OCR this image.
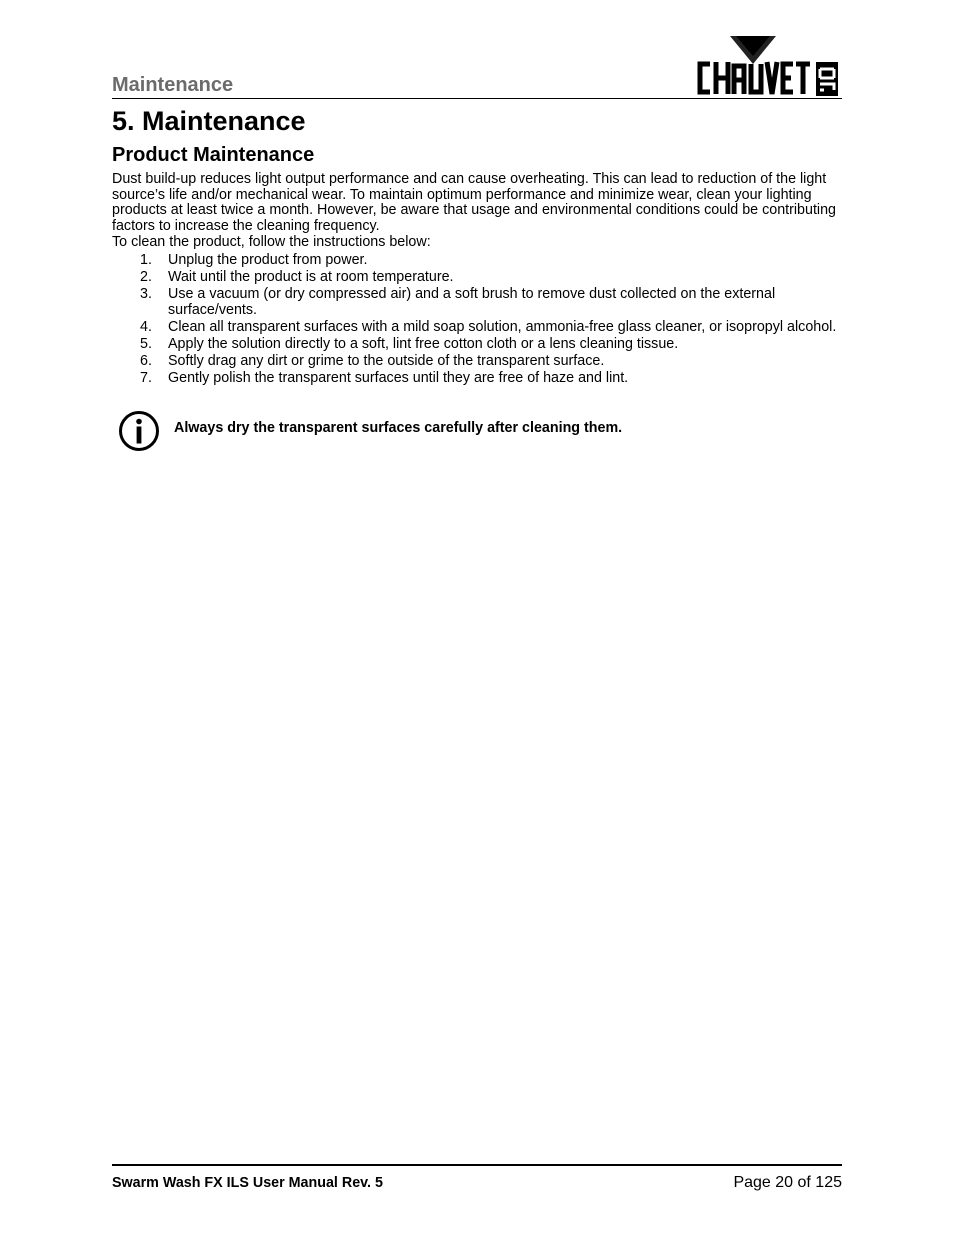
Maintenance
5. Maintenance
Product Maintenance

Dust build-up reduces light output performance and can cause overheating. This can lead to reduction of the light source’s life and/or mechanical wear. To maintain optimum performance and minimize wear, clean your lighting products at least twice a month. However, be aware that usage and environmental conditions could be contributing factors to increase the cleaning frequency.

To clean the product, follow the instructions below:

1. Unplug the product from power.
2. Wait until the product is at room temperature.
3. Use a vacuum (or dry compressed air) and a soft brush to remove dust collected on the external surface/vents.
4. Clean all transparent surfaces with a mild soap solution, ammonia-free glass cleaner, or isopropyl alcohol.
5. Apply the solution directly to a soft, lint free cotton cloth or a lens cleaning tissue.
6. Softly drag any dirt or grime to the outside of the transparent surface.
7. Gently polish the transparent surfaces until they are free of haze and lint.
Always dry the transparent surfaces carefully after cleaning them.
Swarm Wash FX ILS User Manual Rev. 5	Page 20 of 125
